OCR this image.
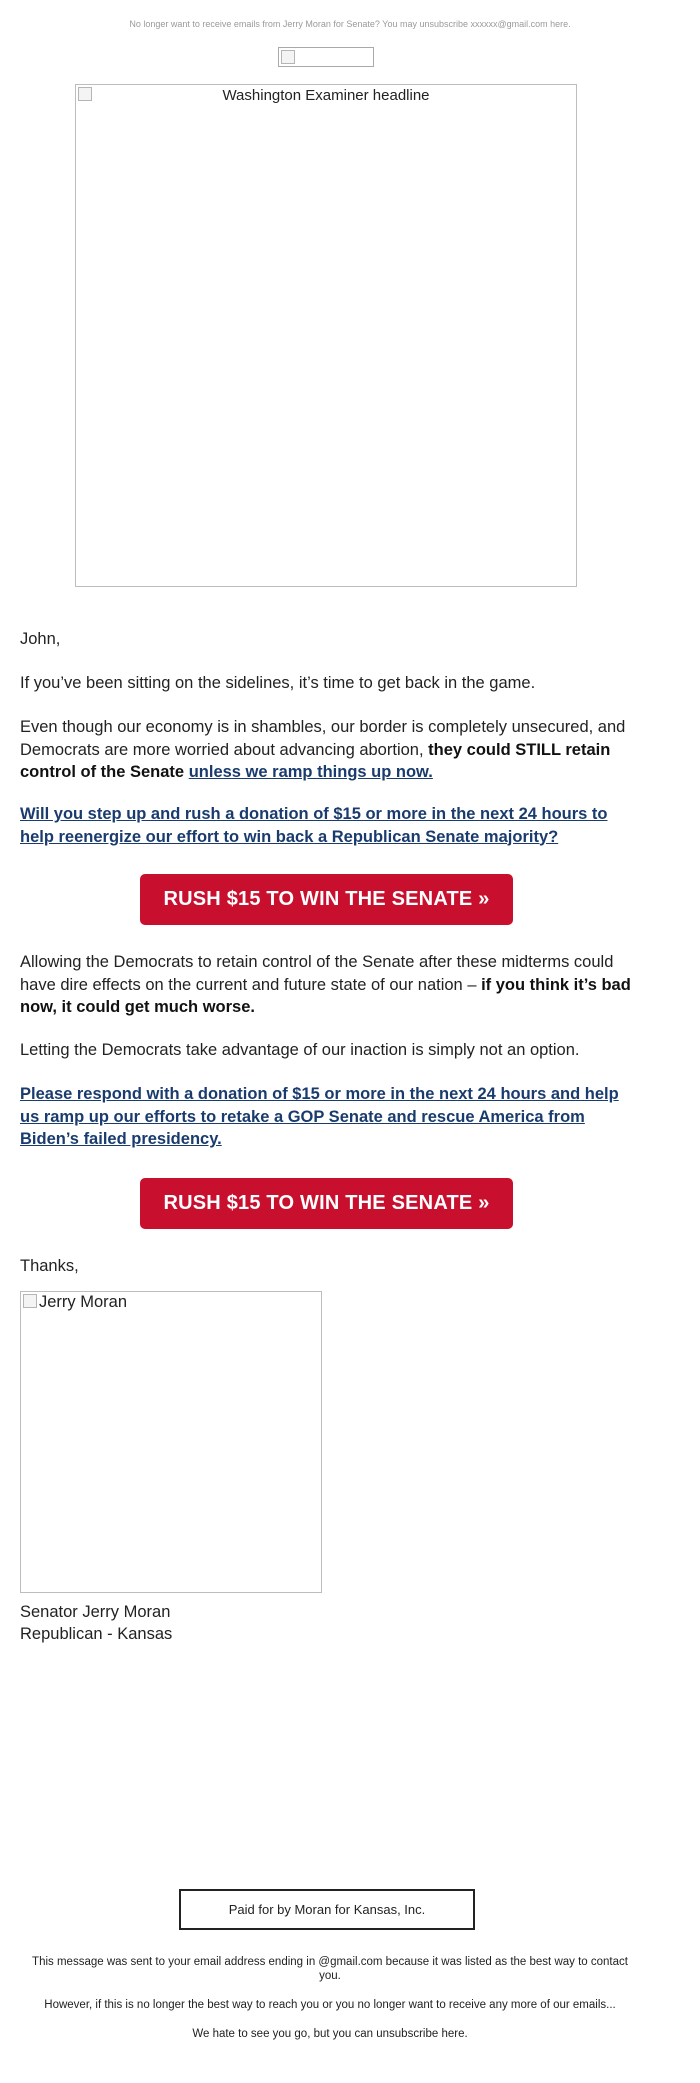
No longer want to receive emails from Jerry Moran for Senate? You may unsubscribe xxxxxx@gmail.com here.
Washington Examiner headline
John,
If you’ve been sitting on the sidelines, it’s time to get back in the game.
Even though our economy is in shambles, our border is completely unsecured, and Democrats are more worried about advancing abortion, they could STILL retain control of the Senate unless we ramp things up now.
Will you step up and rush a donation of $15 or more in the next 24 hours to help reenergize our effort to win back a Republican Senate majority?
RUSH $15 TO WIN THE SENATE »
Allowing the Democrats to retain control of the Senate after these midterms could have dire effects on the current and future state of our nation – if you think it’s bad now, it could get much worse.
Letting the Democrats take advantage of our inaction is simply not an option.
Please respond with a donation of $15 or more in the next 24 hours and help us ramp up our efforts to retake a GOP Senate and rescue America from Biden’s failed presidency.
RUSH $15 TO WIN THE SENATE »
Thanks,
Jerry Moran
Senator Jerry Moran
Republican - Kansas
Paid for by Moran for Kansas, Inc.
This message was sent to your email address ending in @gmail.com because it was listed as the best way to contact you.
However, if this is no longer the best way to reach you or you no longer want to receive any more of our emails...
We hate to see you go, but you can unsubscribe here.
